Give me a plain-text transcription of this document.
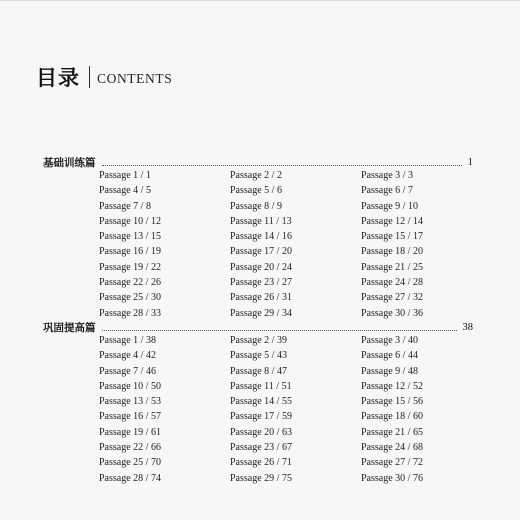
目录 CONTENTS
基础训练篇	1
Passage 1 / 1	Passage 2 / 2	Passage 3 / 3
Passage 4 / 5	Passage 5 / 6	Passage 6 / 7
Passage 7 / 8	Passage 8 / 9	Passage 9 / 10
Passage 10 / 12	Passage 11 / 13	Passage 12 / 14
Passage 13 / 15	Passage 14 / 16	Passage 15 / 17
Passage 16 / 19	Passage 17 / 20	Passage 18 / 20
Passage 19 / 22	Passage 20 / 24	Passage 21 / 25
Passage 22 / 26	Passage 23 / 27	Passage 24 / 28
Passage 25 / 30	Passage 26 / 31	Passage 27 / 32
Passage 28 / 33	Passage 29 / 34	Passage 30 / 36
巩固提高篇	38
Passage 1 / 38	Passage 2 / 39	Passage 3 / 40
Passage 4 / 42	Passage 5 / 43	Passage 6 / 44
Passage 7 / 46	Passage 8 / 47	Passage 9 / 48
Passage 10 / 50	Passage 11 / 51	Passage 12 / 52
Passage 13 / 53	Passage 14 / 55	Passage 15 / 56
Passage 16 / 57	Passage 17 / 59	Passage 18 / 60
Passage 19 / 61	Passage 20 / 63	Passage 21 / 65
Passage 22 / 66	Passage 23 / 67	Passage 24 / 68
Passage 25 / 70	Passage 26 / 71	Passage 27 / 72
Passage 28 / 74	Passage 29 / 75	Passage 30 / 76
